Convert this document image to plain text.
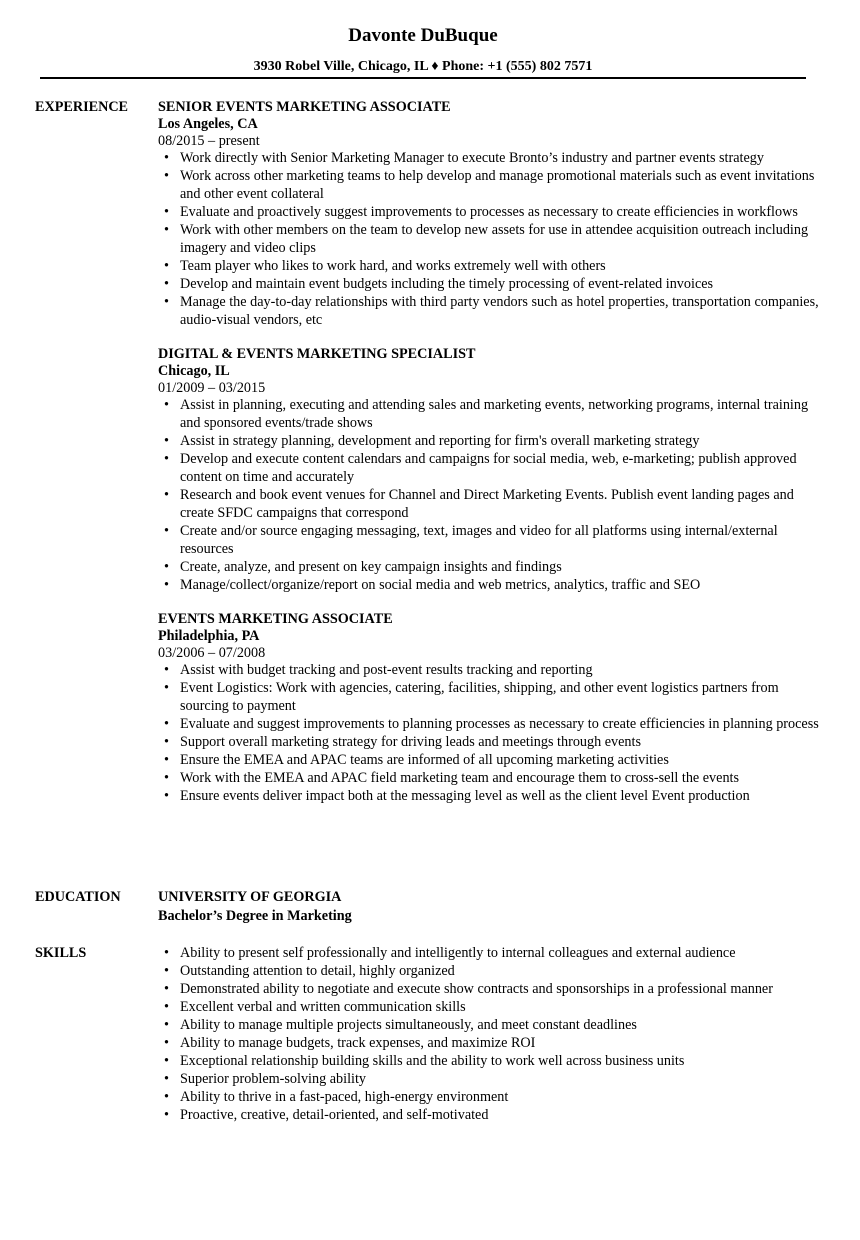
Davonte DuBuque
3930 Robel Ville, Chicago, IL ♦ Phone: +1 (555) 802 7571
EXPERIENCE SENIOR EVENTS MARKETING ASSOCIATE
Los Angeles, CA
08/2015 – present
• Work directly with Senior Marketing Manager to execute Bronto’s industry and partner events strategy
• Work across other marketing teams to help develop and manage promotional materials such as event invitations and other event collateral
• Evaluate and proactively suggest improvements to processes as necessary to create efficiencies in workflows
• Work with other members on the team to develop new assets for use in attendee acquisition outreach including imagery and video clips
• Team player who likes to work hard, and works extremely well with others
• Develop and maintain event budgets including the timely processing of event-related invoices
• Manage the day-to-day relationships with third party vendors such as hotel properties, transportation companies, audio-visual vendors, etc
DIGITAL & EVENTS MARKETING SPECIALIST
Chicago, IL
01/2009 – 03/2015
• Assist in planning, executing and attending sales and marketing events, networking programs, internal training and sponsored events/trade shows
• Assist in strategy planning, development and reporting for firm's overall marketing strategy
• Develop and execute content calendars and campaigns for social media, web, e-marketing; publish approved content on time and accurately
• Research and book event venues for Channel and Direct Marketing Events. Publish event landing pages and create SFDC campaigns that correspond
• Create and/or source engaging messaging, text, images and video for all platforms using internal/external resources
• Create, analyze, and present on key campaign insights and findings
• Manage/collect/organize/report on social media and web metrics, analytics, traffic and SEO
EVENTS MARKETING ASSOCIATE
Philadelphia, PA
03/2006 – 07/2008
• Assist with budget tracking and post-event results tracking and reporting
• Event Logistics: Work with agencies, catering, facilities, shipping, and other event logistics partners from sourcing to payment
• Evaluate and suggest improvements to planning processes as necessary to create efficiencies in planning process
• Support overall marketing strategy for driving leads and meetings through events
• Ensure the EMEA and APAC teams are informed of all upcoming marketing activities
• Work with the EMEA and APAC field marketing team and encourage them to cross-sell the events
• Ensure events deliver impact both at the messaging level as well as the client level Event production
EDUCATION	UNIVERSITY OF GEORGIA
Bachelor’s Degree in Marketing
SKILLS	• Ability to present self professionally and intelligently to internal colleagues and external audience
• Outstanding attention to detail, highly organized
• Demonstrated ability to negotiate and execute show contracts and sponsorships in a professional manner
• Excellent verbal and written communication skills
• Ability to manage multiple projects simultaneously, and meet constant deadlines
• Ability to manage budgets, track expenses, and maximize ROI
• Exceptional relationship building skills and the ability to work well across business units
• Superior problem-solving ability
• Ability to thrive in a fast-paced, high-energy environment
• Proactive, creative, detail-oriented, and self-motivated
